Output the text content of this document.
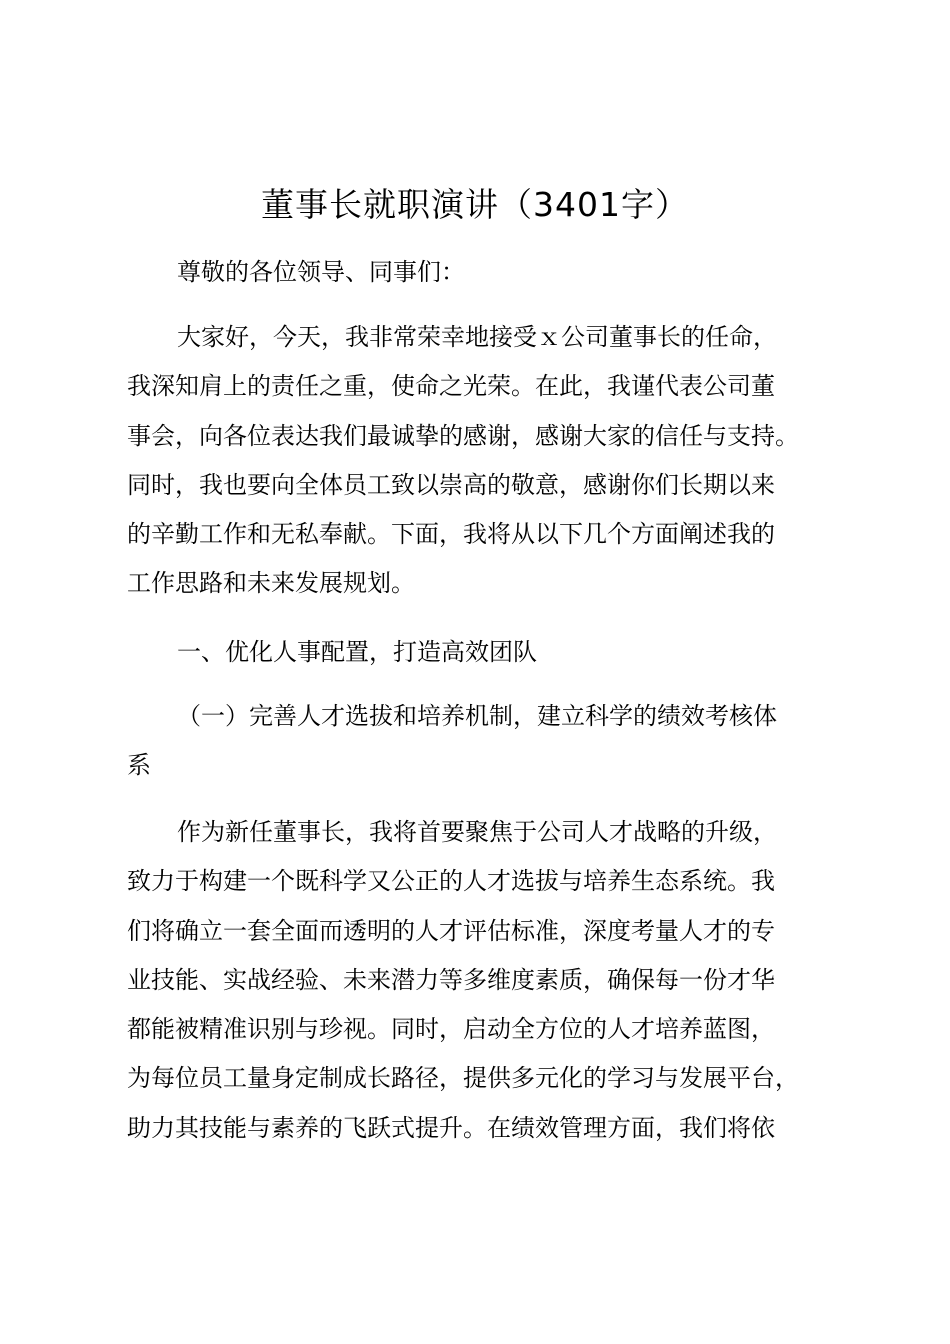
董事长就职演讲（3401字）
尊敬的各位领导、同事们：
大家好，今天，我非常荣幸地接受ｘ公司董事长的任命，
我深知肩上的责任之重，使命之光荣。在此，我谨代表公司董
事会，向各位表达我们最诚挚的感谢，感谢大家的信任与支持。
同时，我也要向全体员工致以崇高的敬意，感谢你们长期以来
的辛勤工作和无私奉献。下面，我将从以下几个方面阐述我的
工作思路和未来发展规划。
一、优化人事配置，打造高效团队
（一）完善人才选拔和培养机制，建立科学的绩效考核体
系
作为新任董事长，我将首要聚焦于公司人才战略的升级，
致力于构建一个既科学又公正的人才选拔与培养生态系统。我
们将确立一套全面而透明的人才评估标准，深度考量人才的专
业技能、实战经验、未来潜力等多维度素质，确保每一份才华
都能被精准识别与珍视。同时，启动全方位的人才培养蓝图，
为每位员工量身定制成长路径，提供多元化的学习与发展平台，
助力其技能与素养的飞跃式提升。在绩效管理方面，我们将依
